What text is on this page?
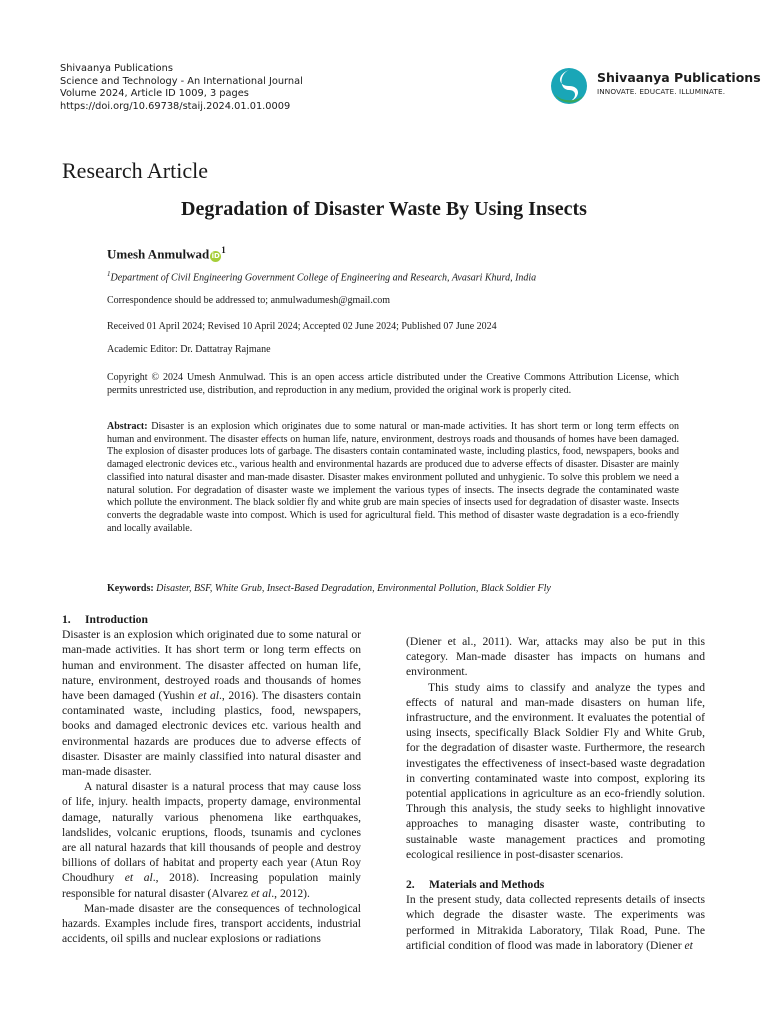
Shivaanya Publications
Science and Technology - An International Journal
Volume 2024, Article ID 1009, 3 pages
https://doi.org/10.69738/staij.2024.01.01.0009
Shivaanya Publications
INNOVATE. EDUCATE. ILLUMINATE.
Research Article
Degradation of Disaster Waste By Using Insects
Umesh Anmulwad $iD^1$
$^1$Department of Civil Engineering Government College of Engineering and Research, Avasari Khurd, India
Correspondence should be addressed to; anmulwadumesh@gmail.com
Received 01 April 2024; Revised 10 April 2024; Accepted 02 June 2024; Published 07 June 2024
Academic Editor: Dr. Dattatray Rajmane
Copyright © 2024 Umesh Anmulwad. This is an open access article distributed under the Creative Commons Attribution License, which permits unrestricted use, distribution, and reproduction in any medium, provided the original work is properly cited.
Abstract: Disaster is an explosion which originates due to some natural or man-made activities. It has short term or long term effects on human and environment. The disaster effects on human life, nature, environment, destroys roads and thousands of homes have been damaged. The explosion of disaster produces lots of garbage. The disasters contain contaminated waste, including plastics, food, newspapers, books and damaged electronic devices etc., various health and environmental hazards are produced due to adverse effects of disaster. Disaster are mainly classified into natural disaster and man-made disaster. Disaster makes environment polluted and unhygienic. To solve this problem we need a natural solution. For degradation of disaster waste we implement the various types of insects. The insects degrade the contaminated waste which pollute the environment. The black soldier fly and white grub are main species of insects used for degradation of disaster waste. Insects converts the degradable waste into compost. Which is used for agricultural field. This method of disaster waste degradation is a eco-friendly and locally available.
Keywords: Disaster, BSF, White Grub, Insect-Based Degradation, Environmental Pollution, Black Soldier Fly
1. Introduction

Disaster is an explosion which originated due to some natural or man-made activities. It has short term or long term effects on human and environment. The disaster affected on human life, nature, environment, destroyed roads and thousands of homes have been damaged (Yushin et al., 2016). The disasters contain contaminated waste, including plastics, food, newspapers, books and damaged electronic devices etc. various health and environmental hazards are produces due to adverse effects of disaster. Disaster are mainly classified into natural disaster and man-made disaster.

A natural disaster is a natural process that may cause loss of life, injury. health impacts, property damage, environmental damage, naturally various phenomena like earthquakes, landslides, volcanic eruptions, floods, tsunamis and cyclones are all natural hazards that kill thousands of people and destroy billions of dollars of habitat and property each year (Atun Roy Choudhury et al., 2018). Increasing population mainly responsible for natural disaster (Alvarez et al., 2012).

Man-made disaster are the consequences of technological hazards. Examples include fires, transport accidents, industrial accidents, oil spills and nuclear explosions or radiations

(Diener et al., 2011). War, attacks may also be put in this category. Man-made disaster has impacts on humans and environment.

This study aims to classify and analyze the types and effects of natural and man-made disasters on human life, infrastructure, and the environment. It evaluates the potential of using insects, specifically Black Soldier Fly and White Grub, for the degradation of disaster waste. Furthermore, the research investigates the effectiveness of insect-based waste degradation in converting contaminated waste into compost, exploring its potential applications in agriculture as an eco-friendly solution. Through this analysis, the study seeks to highlight innovative approaches to managing disaster waste, contributing to sustainable waste management practices and promoting ecological resilience in post-disaster scenarios.

2. Materials and Methods

In the present study, data collected represents details of insects which degrade the disaster waste. The experiments was performed in Mitrakida Laboratory, Tilak Road, Pune. The artificial condition of flood was made in laboratory (Diener et
